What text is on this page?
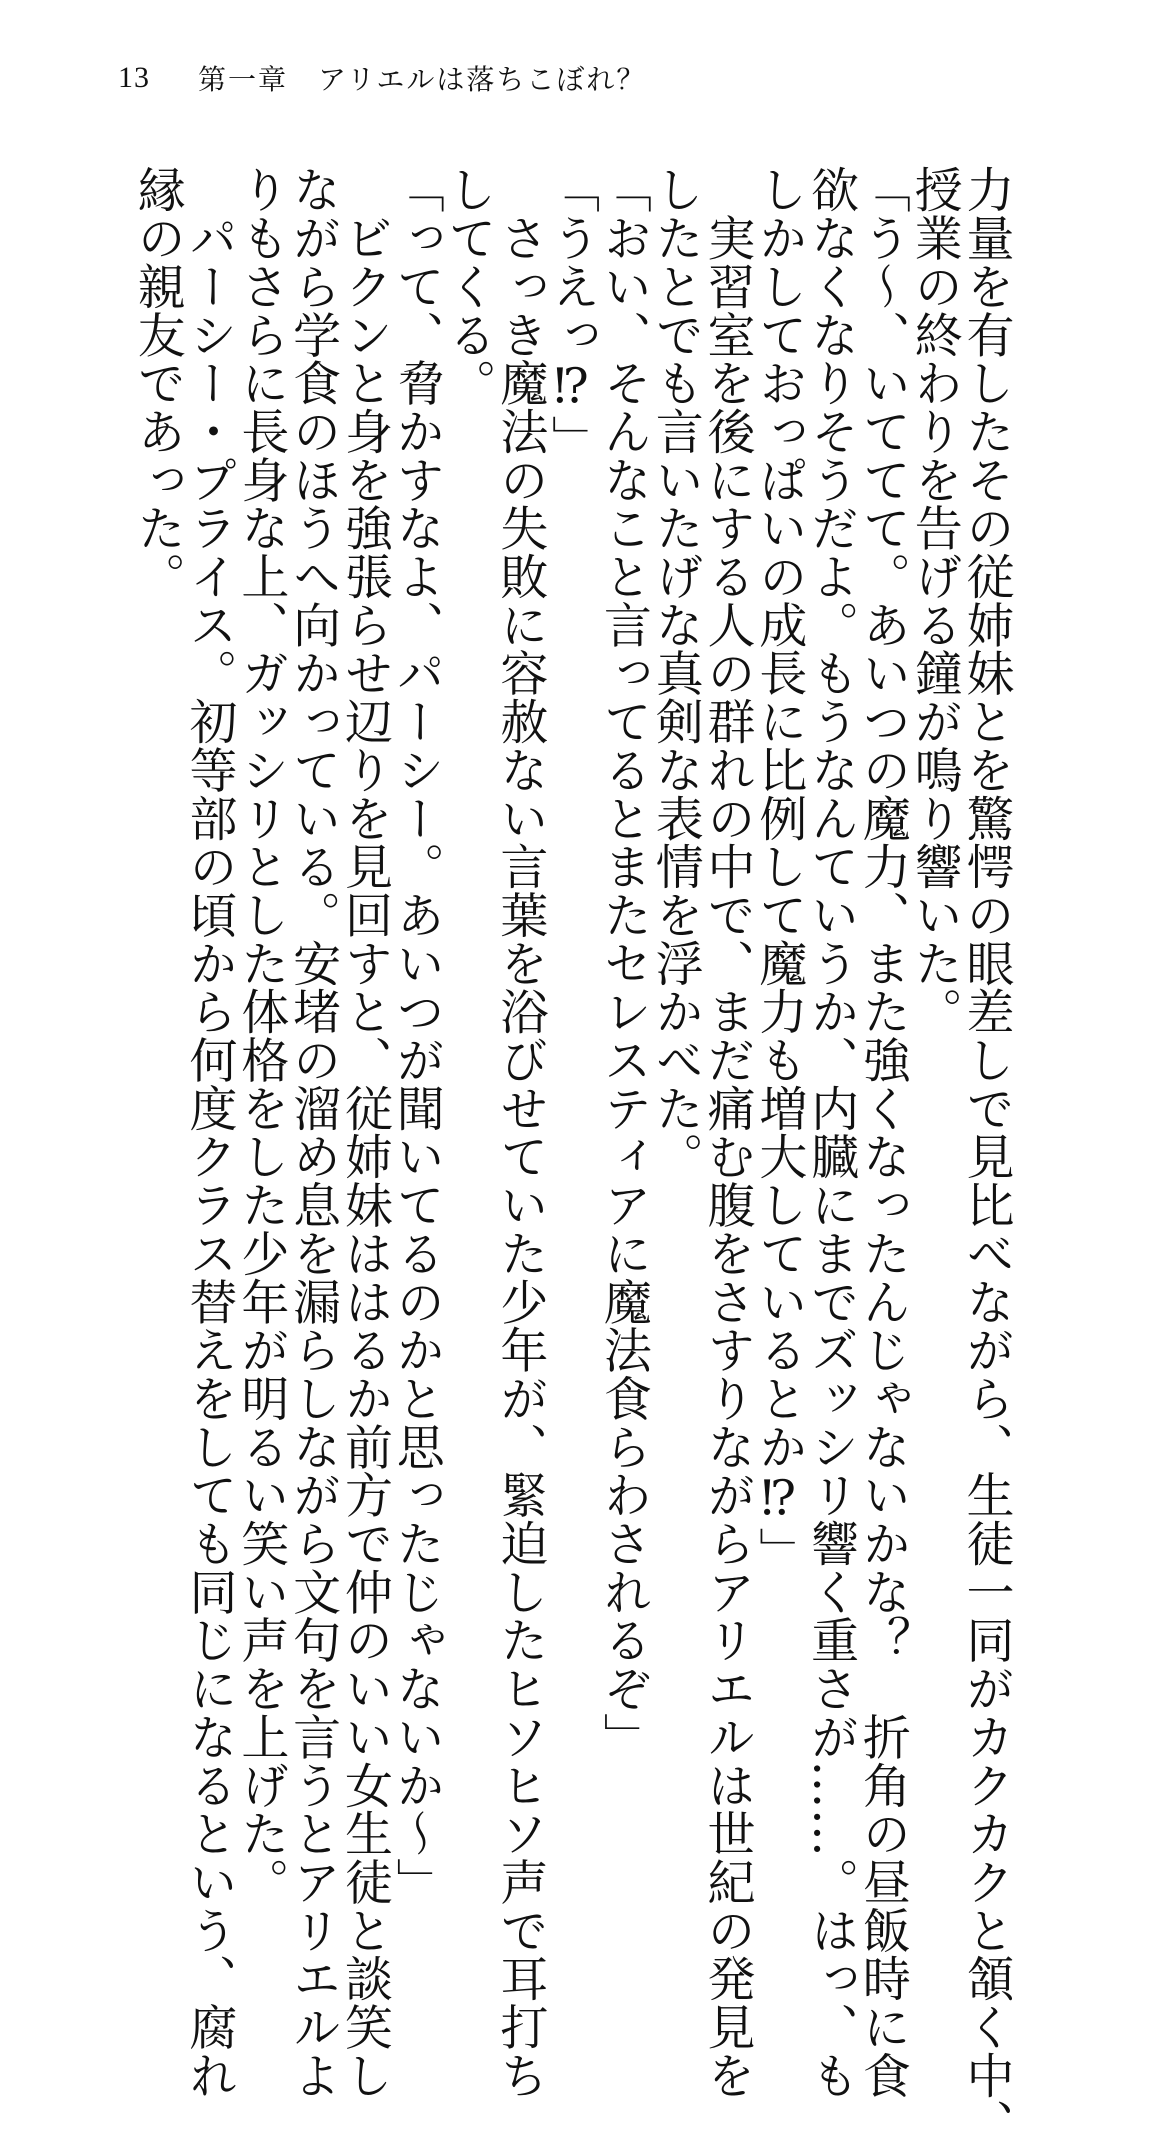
13 第一章　アリエルは落ちこぼれ？

力量を有したその従姉妹とを驚愕の眼差しで見比べながら、生徒一同がカクカクと頷く中、

授業の終わりを告げる鐘が鳴り響いた。

「う〜、いててて。あいつの魔力、また強くなったんじゃないかな？　折角の昼飯時に食

欲なくなりそうだよ。もうなんていうか、内臓にまでズッシリ響く重さが……。はっ、も

しかしておっぱいの成長に比例して魔力も増大しているとか⁉」

　実習室を後にする人の群れの中で、まだ痛む腹をさすりながらアリエルは世紀の発見を

したとでも言いたげな真剣な表情を浮かべた。

「おい、そんなこと言ってるとまたセレスティアに魔法食らわされるぞ」

「うえっ⁉」

　さっき魔法の失敗に容赦ない言葉を浴びせていた少年が、緊迫したヒソヒソ声で耳打ち

してくる。

「って、脅かすなよ、パーシー。あいつが聞いてるのかと思ったじゃないか〜」

　ビクンと身を強張らせ辺りを見回すと、従姉妹ははるか前方で仲のいい女生徒と談笑し

ながら学食のほうへ向かっている。安堵の溜め息を漏らしながら文句を言うとアリエルよ

りもさらに長身な上、ガッシリとした体格をした少年が明るい笑い声を上げた。

　パーシー・プライス。初等部の頃から何度クラス替えをしても同じになるという、腐れ

縁の親友であった。
